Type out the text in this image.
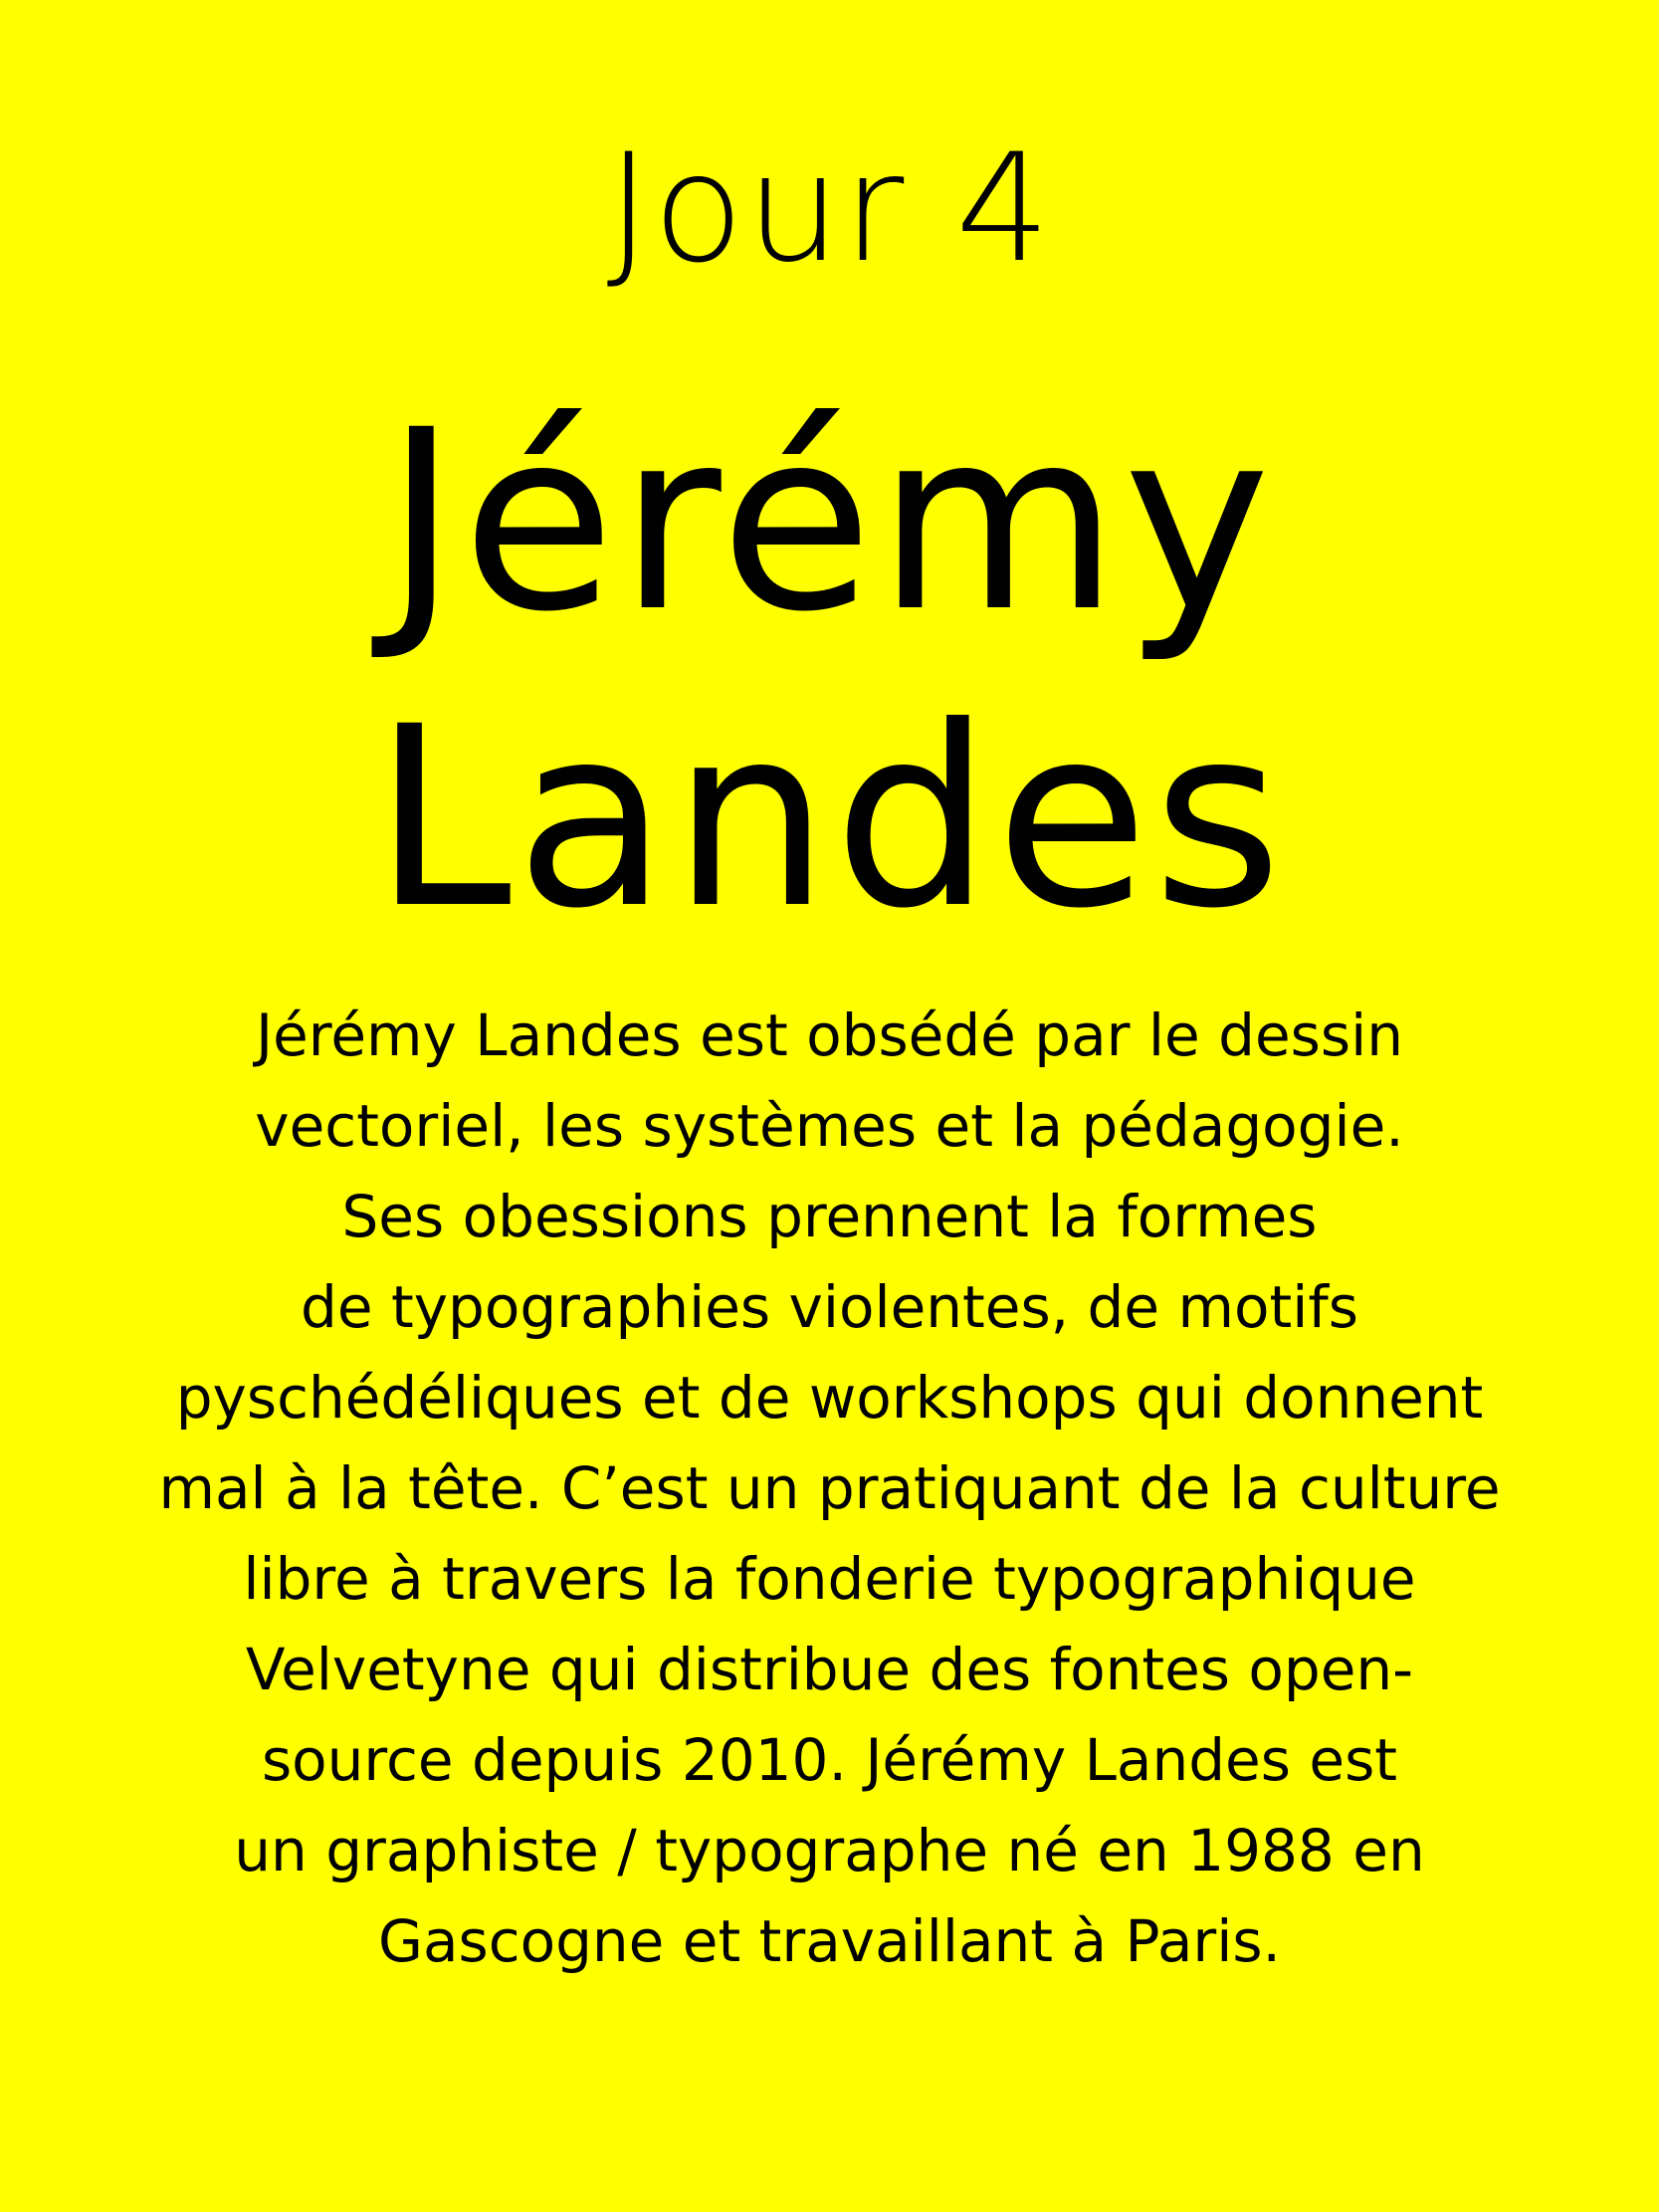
Jour 4
Jérémy
Landes
Jérémy Landes est obsédé par le dessin
vectoriel, les systèmes et la pédagogie.
Ses obessions prennent la formes
de typographies violentes, de motifs
pyschédéliques et de workshops qui donnent
mal à la tête. C’est un pratiquant de la culture
libre à travers la fonderie typographique
Velvetyne qui distribue des fontes open-
source depuis 2010. Jérémy Landes est
un graphiste / typographe né en 1988 en
Gascogne et travaillant à Paris.
